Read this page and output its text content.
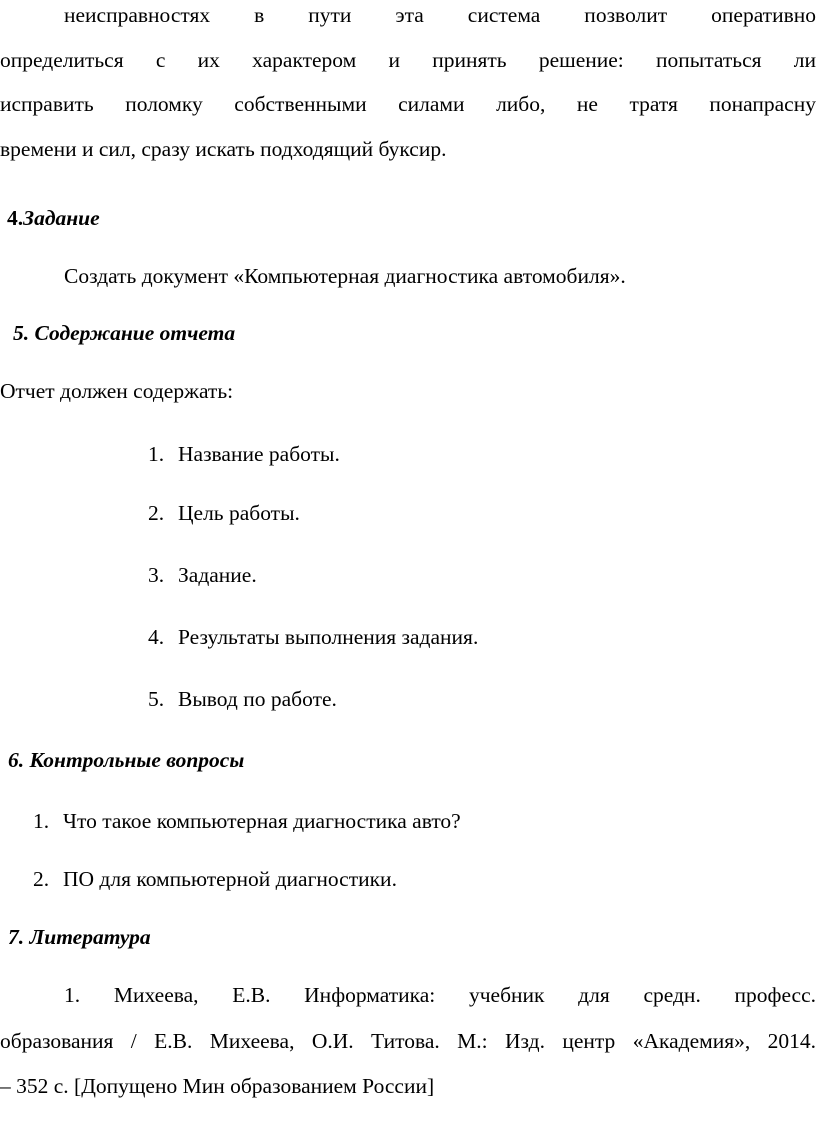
неисправностях в пути эта система позволит оперативно
определиться с их характером и принять решение: попытаться ли
исправить поломку собственными силами либо, не тратя понапрасну
времени и сил, сразу искать подходящий буксир.
4.Задание
Создать документ «Компьютерная диагностика автомобиля».
5. Содержание отчета
Отчет должен содержать:
1. Название работы.
2. Цель работы.
3. Задание.
4. Результаты выполнения задания.
5. Вывод по работе.
6. Контрольные вопросы
1. Что такое компьютерная диагностика авто?
2. ПО для компьютерной диагностики.
7. Литература
1. Михеева, Е.В. Информатика: учебник для средн. професс.
образования / Е.В. Михеева, О.И. Титова. М.: Изд. центр «Академия», 2014.
– 352 с. [Допущено Мин образованием России]
